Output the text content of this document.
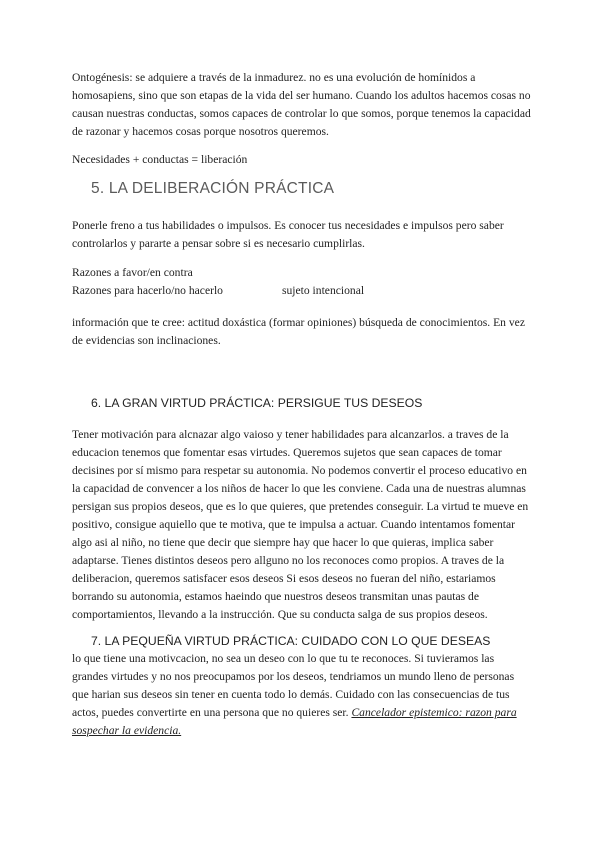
Ontogénesis: se adquiere a través de la inmadurez. no es una evolución de homínidos a homosapiens, sino que son etapas de la vida del ser humano. Cuando los adultos hacemos cosas no causan nuestras conductas, somos capaces de controlar lo que somos, porque tenemos la capacidad de razonar y hacemos cosas porque nosotros queremos.

Necesidades + conductas = liberación

5. LA DELIBERACIÓN PRÁCTICA

Ponerle freno a tus habilidades o impulsos. Es conocer tus necesidades e impulsos pero saber controlarlos y pararte a pensar sobre si es necesario cumplirlas.

Razones a favor/en contra

Razones para hacerlo/no hacerlo	sujeto intencional

información que te cree: actitud doxástica (formar opiniones) búsqueda de conocimientos. En vez de evidencias son inclinaciones.

6. LA GRAN VIRTUD PRÁCTICA: PERSIGUE TUS DESEOS

Tener motivación para alcnazar algo vaioso y tener habilidades para alcanzarlos. a traves de la educacion tenemos que fomentar esas virtudes. Queremos sujetos que sean capaces de tomar decisines por sí mismo para respetar su autonomia. No podemos convertir el proceso educativo en la capacidad de convencer a los niños de hacer lo que les conviene. Cada una de nuestras alumnas persigan sus propios deseos, que es lo que quieres, que pretendes conseguir. La virtud te mueve en positivo, consigue aquiello que te motiva, que te impulsa a actuar. Cuando intentamos fomentar algo asi al niño, no tiene que decir que siempre hay que hacer lo que quieras, implica saber adaptarse. Tienes distintos deseos pero allguno no los reconoces como propios. A traves de la deliberacion, queremos satisfacer esos deseos Si esos deseos no fueran del niño, estariamos borrando su autonomia, estamos haeindo que nuestros deseos transmitan unas pautas de comportamientos, llevando a la instrucción. Que su conducta salga de sus propios deseos.

7. LA PEQUEÑA VIRTUD PRÁCTICA: CUIDADO CON LO QUE DESEAS

lo que tiene una motivcacion, no sea un deseo con lo que tu te reconoces. Si tuvieramos las grandes virtudes y no nos preocupamos por los deseos, tendriamos un mundo lleno de personas que harian sus deseos sin tener en cuenta todo lo demás. Cuidado con las consecuencias de tus actos, puedes convertirte en una persona que no quieres ser. Cancelador epistemico: razon para sospechar la evidencia.
